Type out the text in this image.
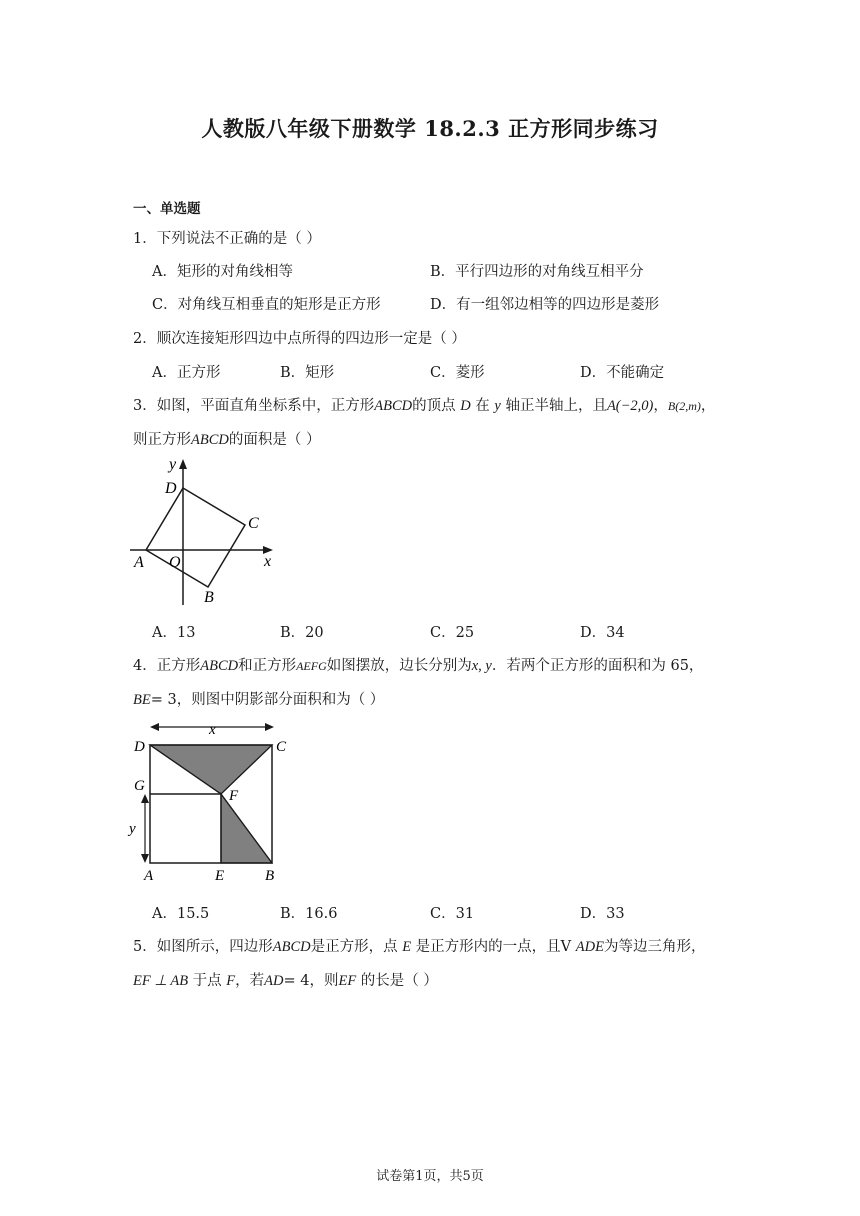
人教版八年级下册数学 18.2.3 正方形同步练习
一、单选题
1．下列说法不正确的是（ ）
A．矩形的对角线相等	B．平行四边形的对角线互相平分
C．对角线互相垂直的矩形是正方形	D．有一组邻边相等的四边形是菱形
2．顺次连接矩形四边中点所得的四边形一定是（ ）
A．正方形	B．矩形	C．菱形	D．不能确定
3．如图，平面直角坐标系中，正方形ABCD的顶点 D 在 y 轴正半轴上，且A(−2,0)，B(2,m)，
则正方形ABCD的面积是（ ）
y
D
C
A O	x
B
A．13	B．20	C．25	D．34
4．正方形ABCD和正方形AEFG如图摆放，边长分别为x, y．若两个正方形的面积和为 65，
BE= 3，则图中阴影部分面积和为（ ）
x
D	C
G
F
y
A	E	B
A．15.5	B．16.6	C．31	D．33
5．如图所示，四边形ABCD是正方形，点 E 是正方形内的一点，且V ADE为等边三角形，
EF ⊥ AB 于点 F，若AD= 4，则EF 的长是（ ）
试卷第1页，共5页
